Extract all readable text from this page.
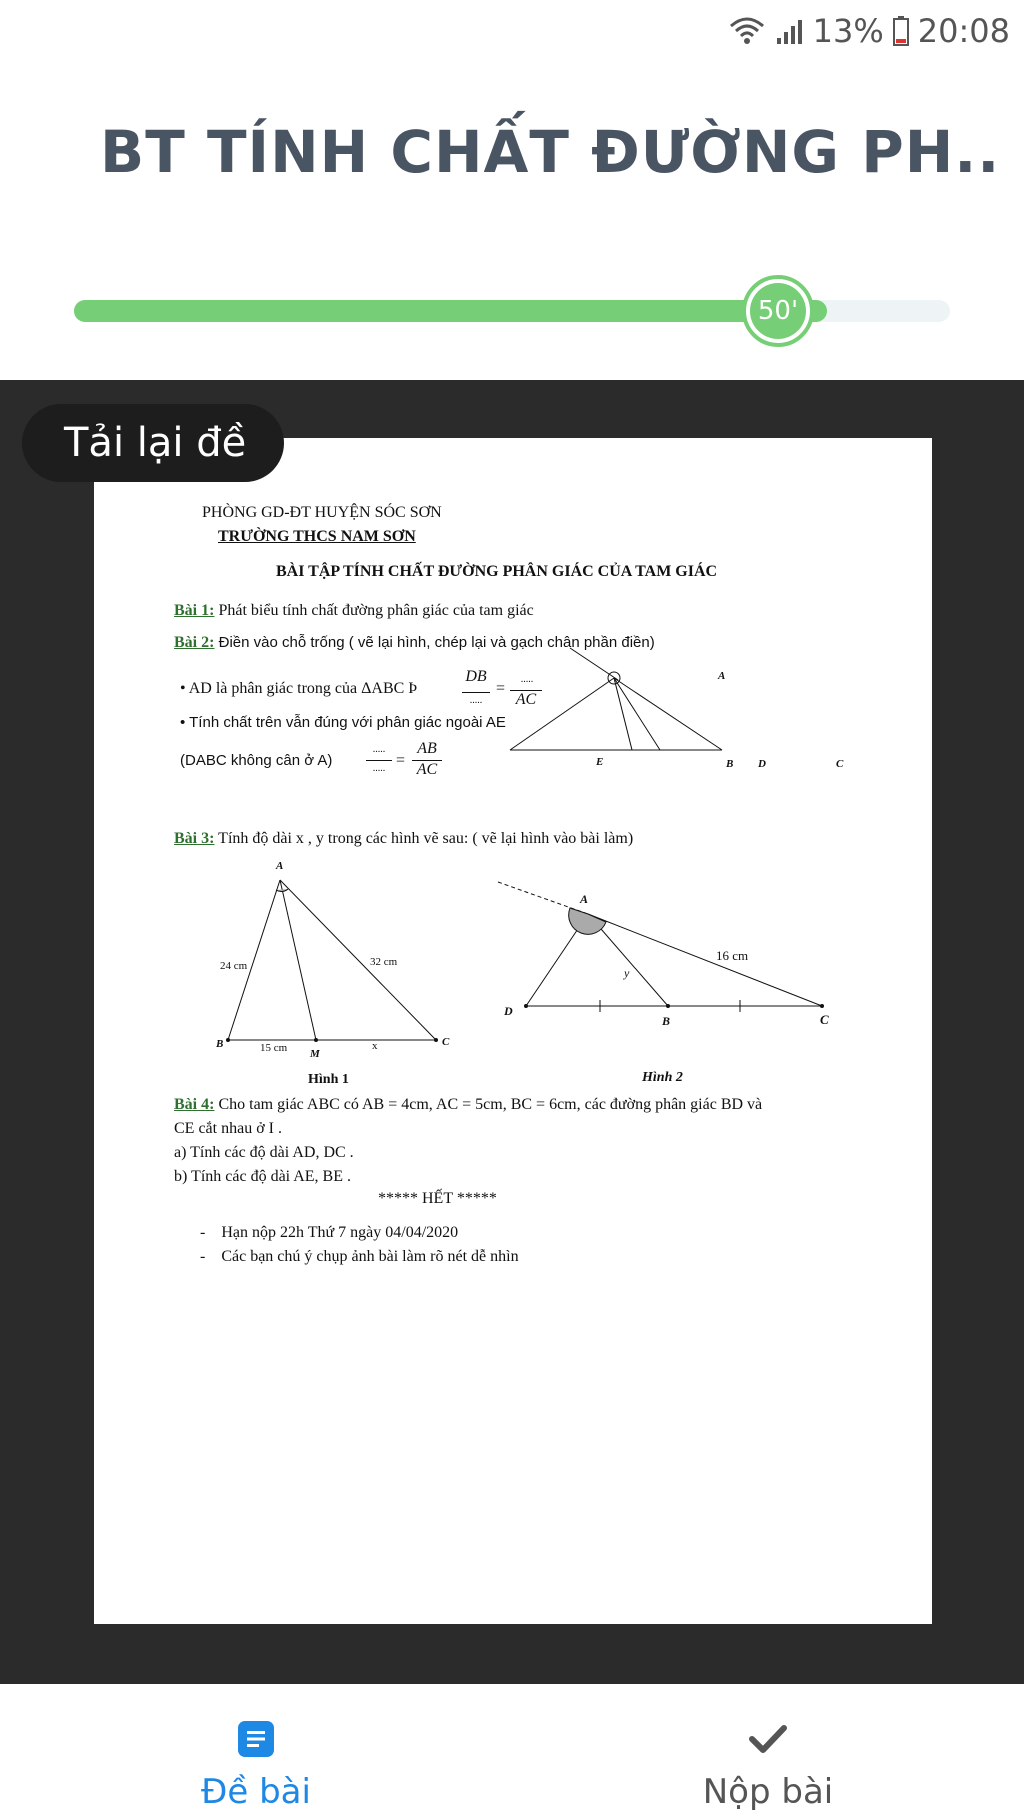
13% 20:08
BT TÍNH CHẤT ĐƯỜNG PH..
50'
Tải lại đề
PHÒNG GD-ĐT HUYỆN SÓC SƠN
TRƯỜNG THCS NAM SƠN
BÀI TẬP TÍNH CHẤT ĐƯỜNG PHÂN GIÁC CỦA TAM GIÁC
Bài 1: Phát biểu tính chất đường phân giác của tam giác
Bài 2: Điền vào chỗ trống ( vẽ lại hình, chép lại và gạch chân phần điền)
• AD là phân giác trong của ΔABC Þ
DB
.....
=
.....
AC
• Tính chất trên vẫn đúng với phân giác ngoài AE
(DABC không cân ở A)
.....
..... =
AB
AC
A
E	B D	C
Bài 3: Tính độ dài x , y trong các hình vẽ sau: ( vẽ lại hình vào bài làm)
A
24 cm	32 cm
B	15 cm M
x	C
Hình 1
A
16 cm
y
D
B	C
Hình 2
Bài 4: Cho tam giác ABC có AB = 4cm, AC = 5cm, BC = 6cm, các đường phân giác BD và
CE cắt nhau ở I .
a) Tính các độ dài AD, DC .
b) Tính các độ dài AE, BE .
***** HẾT *****
-    Hạn nộp 22h Thứ 7 ngày 04/04/2020
-    Các bạn chú ý chụp ảnh bài làm rõ nét dễ nhìn
Đề bài	Nộp bài
